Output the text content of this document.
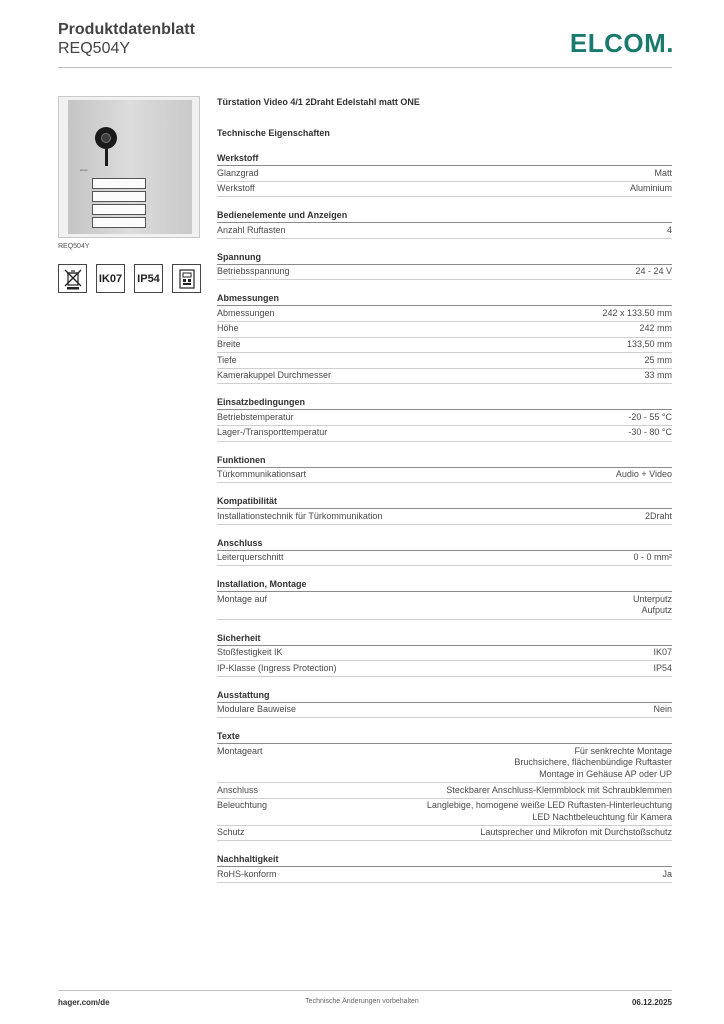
Produktdatenblatt
REQ504Y	ELCOM.
elcom
REQ504Y
IK07 IP54
Türstation Video 4/1 2Draht Edelstahl matt ONE
Technische Eigenschaften
Werkstoff
Glanzgrad	Matt
Werkstoff	Aluminium
Bedienelemente und Anzeigen
Anzahl Ruftasten	4
Spannung
Betriebsspannung	24 - 24 V
Abmessungen
Abmessungen	242 x 133.50 mm
Höhe	242 mm
Breite	133,50 mm
Tiefe	25 mm
Kamerakuppel Durchmesser	33 mm
Einsatzbedingungen
Betriebstemperatur	-20 - 55 °C
Lager-/Transporttemperatur	-30 - 80 °C
Funktionen
Türkommunikationsart	Audio + Video
Kompatibilität
Installationstechnik für Türkommunikation	2Draht
Anschluss
Leiterquerschnitt	0 - 0 mm²
Installation, Montage
Montage auf	Unterputz
Aufputz
Sicherheit
Stoßfestigkeit IK	IK07
IP-Klasse (Ingress Protection)	IP54
Ausstattung
Modulare Bauweise	Nein
Texte
Montageart	Für senkrechte Montage
Bruchsichere, flächenbündige Ruftaster
Montage in Gehäuse AP oder UP
Anschluss	Steckbarer Anschluss-Klemmblock mit Schraubklemmen
Beleuchtung	Langlebige, homogene weiße LED Ruftasten-Hinterleuchtung
LED Nachtbeleuchtung für Kamera
Schutz	Lautsprecher und Mikrofon mit Durchstoßschutz
Nachhaltigkeit
RoHS-konform	Ja
hager.com/de	Technische Änderungen vorbehalten	06.12.2025
